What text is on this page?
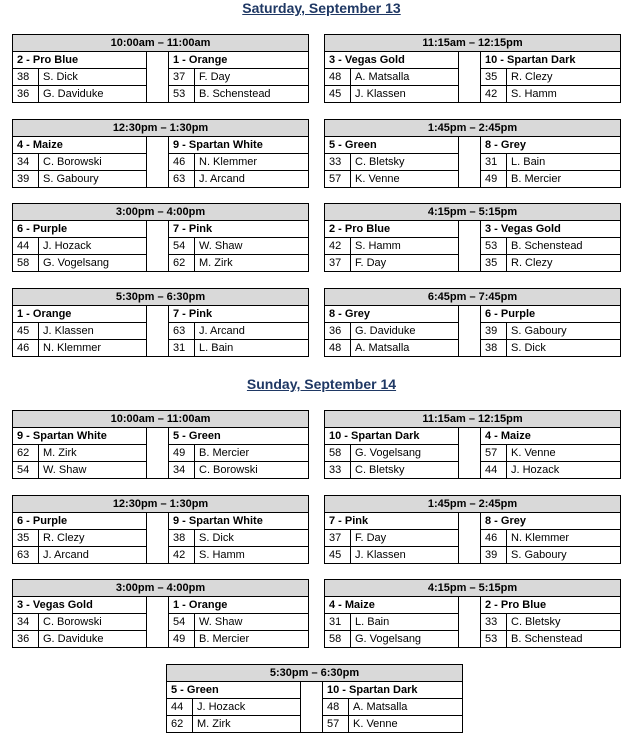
Saturday, September 13
10:00am – 11:00am				
2 - Pro Blue			1 - Orange	
38	S. Dick		37	F. Day
36	G. Daviduke		53	B. Schenstead
11:15am – 12:15pm				
3 - Vegas Gold			10 - Spartan Dark	
48	A. Matsalla		35	R. Clezy
45	J. Klassen		42	S. Hamm
12:30pm – 1:30pm				
4 - Maize			9 - Spartan White	
34	C. Borowski		46	N. Klemmer
39	S. Gaboury		63	J. Arcand
1:45pm – 2:45pm				
5 - Green			8 - Grey	
33	C. Bletsky		31	L. Bain
57	K. Venne		49	B. Mercier
3:00pm – 4:00pm				
6 - Purple			7 - Pink	
44	J. Hozack		54	W. Shaw
58	G. Vogelsang		62	M. Zirk
4:15pm – 5:15pm				
2 - Pro Blue			3 - Vegas Gold	
42	S. Hamm		53	B. Schenstead
37	F. Day		35	R. Clezy
5:30pm – 6:30pm				
1 - Orange			7 - Pink	
45	J. Klassen		63	J. Arcand
46	N. Klemmer		31	L. Bain
6:45pm – 7:45pm				
8 - Grey			6 - Purple	
36	G. Daviduke		39	S. Gaboury
48	A. Matsalla		38	S. Dick
Sunday, September 14
10:00am – 11:00am				
9 - Spartan White			5 - Green	
62	M. Zirk		49	B. Mercier
54	W. Shaw		34	C. Borowski
11:15am – 12:15pm				
10 - Spartan Dark			4 - Maize	
58	G. Vogelsang		57	K. Venne
33	C. Bletsky		44	J. Hozack
12:30pm – 1:30pm				
6 - Purple			9 - Spartan White	
35	R. Clezy		38	S. Dick
63	J. Arcand		42	S. Hamm
1:45pm – 2:45pm				
7 - Pink			8 - Grey	
37	F. Day		46	N. Klemmer
45	J. Klassen		39	S. Gaboury
3:00pm – 4:00pm				
3 - Vegas Gold			1 - Orange	
34	C. Borowski		54	W. Shaw
36	G. Daviduke		49	B. Mercier
4:15pm – 5:15pm				
4 - Maize			2 - Pro Blue	
31	L. Bain		33	C. Bletsky
58	G. Vogelsang		53	B. Schenstead
5:30pm – 6:30pm				
5 - Green			10 - Spartan Dark	
44	J. Hozack		48	A. Matsalla
62	M. Zirk		57	K. Venne
